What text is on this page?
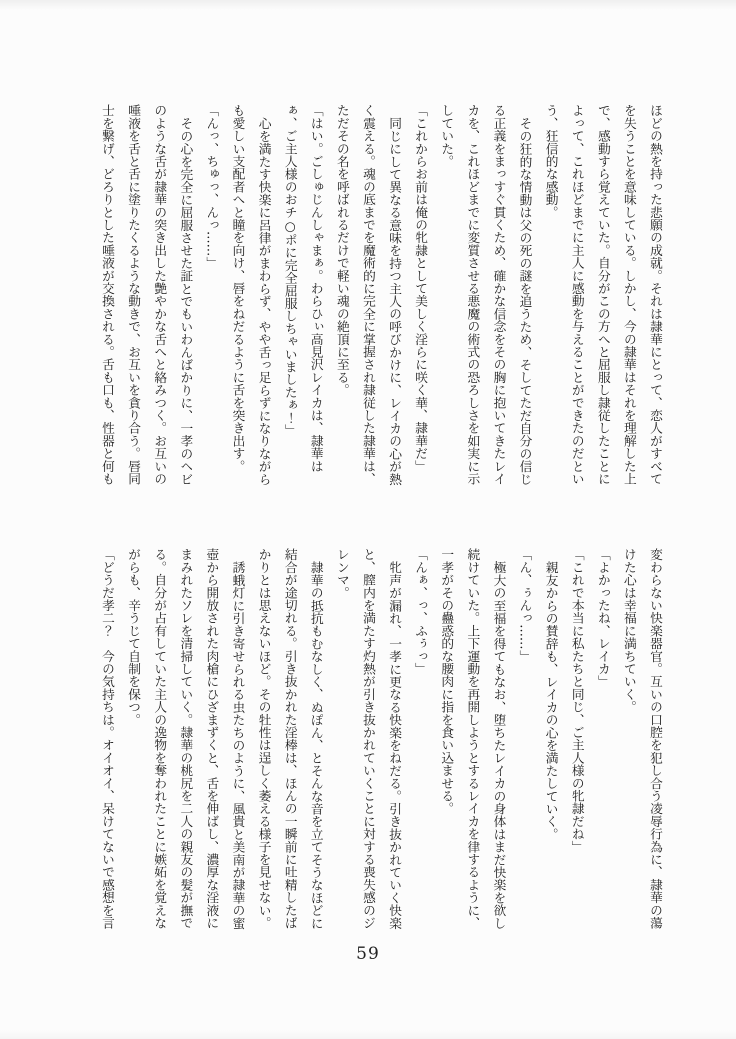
ほどの熱を持った悲願の成就。それは隷華にとって、恋人がすべて

を失うことを意味している。しかし、今の隷華はそれを理解した上

で、感動すら覚えていた。自分がこの方へと屈服し隷従したことに

よって、これほどまでに主人に感動を与えることができたのだとい

う、狂信的な感動。

その狂的な情動は父の死の謎を追うため、そしてただ自分の信じ

る正義をまっすぐ貫くため、確かな信念をその胸に抱いてきたレイ

カを、これほどまでに変質させる悪魔の術式の恐ろしさを如実に示

していた。

「これからお前は俺の牝隷として美しく淫らに咲く華、隷華だ」

同じにして異なる意味を持つ主人の呼びかけに、レイカの心が熱

く震える。魂の底までを魔術的に完全に掌握され隷従した隷華は、

ただその名を呼ばれるだけで軽い魂の絶頂に至る。

「はい。ごしゅじんしゃまぁ。わらひぃ高見沢レイカは、隷華は

ぁ、ご主人様のおチ○ポに完全屈服しちゃいましたぁ！」

心を満たす快楽に呂律がまわらず、やや舌っ足らずになりながら

も愛しい支配者へと瞳を向け、唇をねだるように舌を突き出す。

「んっ、ちゅっ、んっ……」

その心を完全に屈服させた証とでもいわんばかりに、一孝のヘビ

のような舌が隷華の突き出した艶やかな舌へと絡みつく。お互いの

唾液を舌と舌に塗りたくるような動きで、お互いを貪り合う。唇同

士を繋げ、どろりとした唾液が交換される。舌も口も、性器と何も

変わらない快楽器官。互いの口腔を犯し合う凌辱行為に、隷華の蕩

けた心は幸福に満ちていく。

「よかったね、レイカ」

「これで本当に私たちと同じ、ご主人様の牝隷だね」

親友からの賛辞も、レイカの心を満たしていく。

「ん、ぅんっ……」

極大の至福を得てもなお、堕ちたレイカの身体はまだ快楽を欲し

続けていた。上下運動を再開しようとするレイカを律するように、

一孝がその蠱惑的な腰肉に指を食い込ませる。

「んぁ、っ、ふぅっ」

牝声が漏れ、一孝に更なる快楽をねだる。引き抜かれていく快楽

と、膣内を満たす灼熱が引き抜かれていくことに対する喪失感のジ

レンマ。

隷華の抵抗もむなしく、ぬぽん、とそんな音を立てそうなほどに

結合が途切れる。引き抜かれた淫棒は、ほんの一瞬前に吐精したば

かりとは思えないほど。その牡性は逞しく萎える様子を見せない。

誘蛾灯に引き寄せられる虫たちのように、風貴と美南が隷華の蜜

壺から開放された肉槍にひざまずくと、舌を伸ばし、濃厚な淫液に

まみれたソレを清掃していく。隷華の桃尻を二人の親友の髪が撫で

る。自分が占有していた主人の逸物を奪われたことに嫉妬を覚えな

がらも、辛うじて自制を保つ。

「どうだ孝二？　今の気持ちは。オイオイ、呆けてないで感想を言

59
